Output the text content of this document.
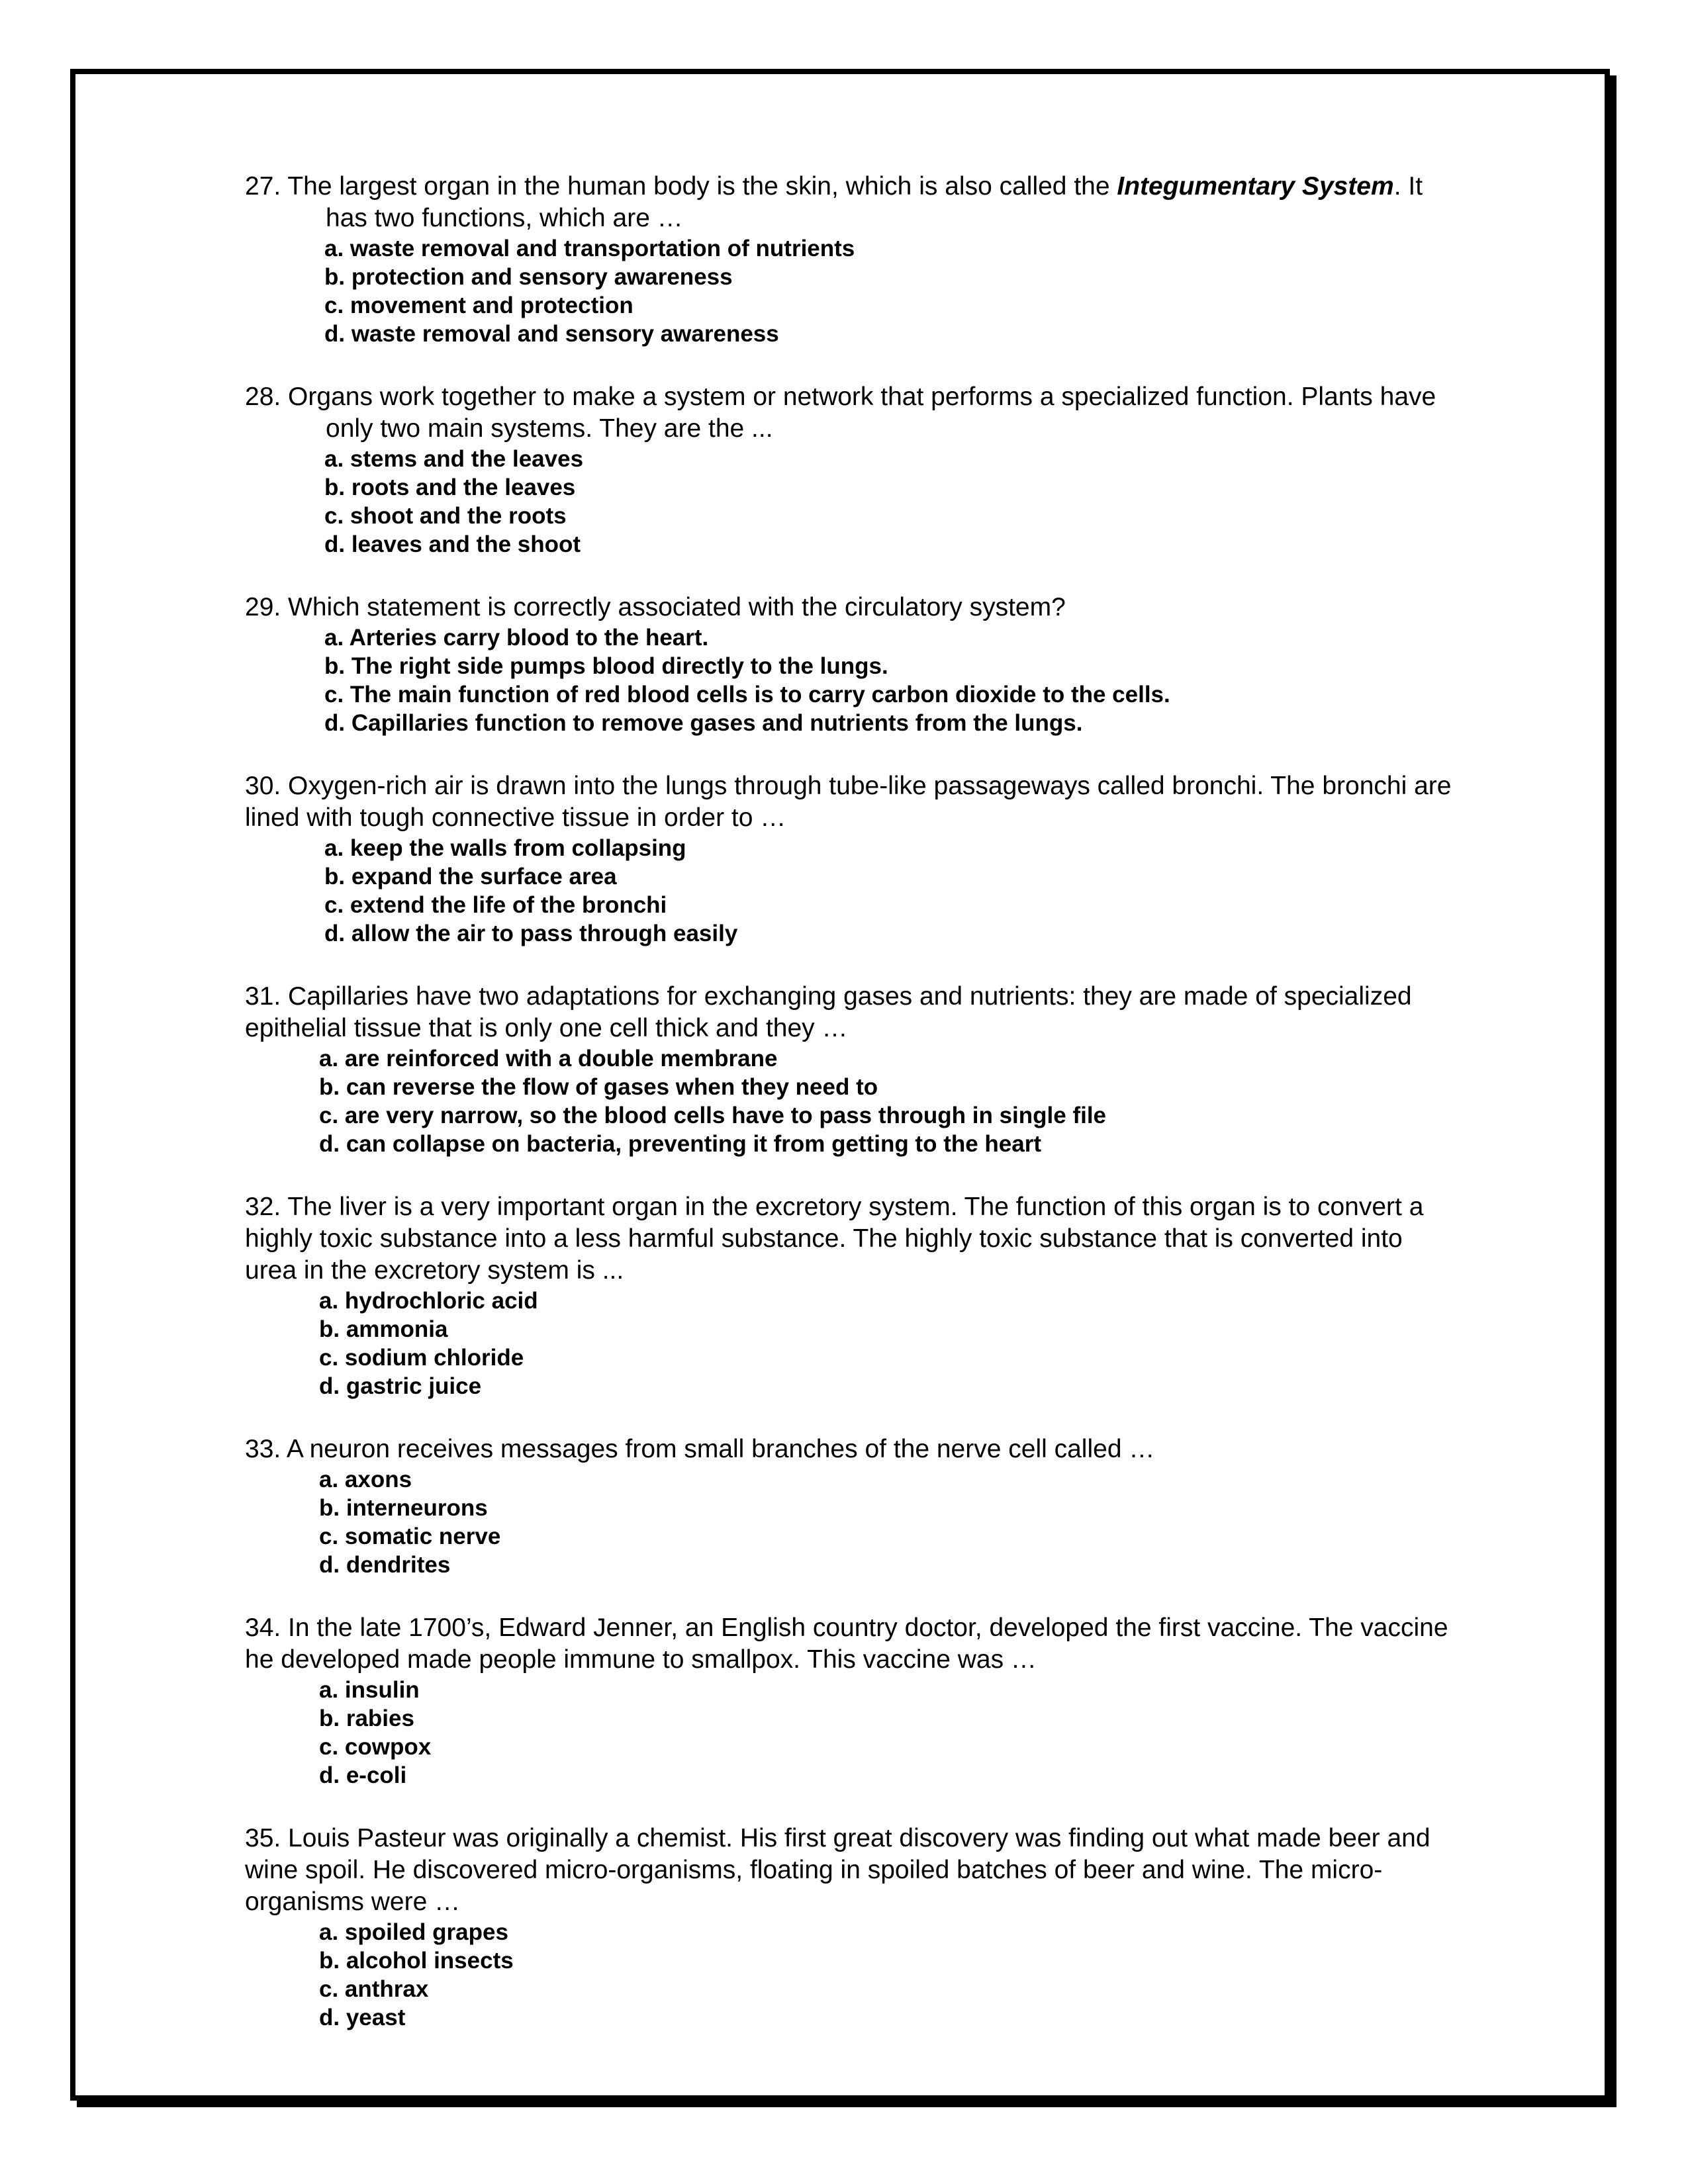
27. The largest organ in the human body is the skin, which is also called the Integumentary System. It has two functions, which are …

a. waste removal and transportation of nutrients
b. protection and sensory awareness
c. movement and protection
d. waste removal and sensory awareness

28. Organs work together to make a system or network that performs a specialized function. Plants have only two main systems. They are the ...

a. stems and the leaves
b. roots and the leaves
c. shoot and the roots
d. leaves and the shoot

29. Which statement is correctly associated with the circulatory system?

a. Arteries carry blood to the heart.
b. The right side pumps blood directly to the lungs.
c. The main function of red blood cells is to carry carbon dioxide to the cells.
d. Capillaries function to remove gases and nutrients from the lungs.

30. Oxygen-rich air is drawn into the lungs through tube-like passageways called bronchi. The bronchi are lined with tough connective tissue in order to …

a. keep the walls from collapsing
b. expand the surface area
c. extend the life of the bronchi
d. allow the air to pass through easily

31. Capillaries have two adaptations for exchanging gases and nutrients: they are made of specialized epithelial tissue that is only one cell thick and they …

a. are reinforced with a double membrane
b. can reverse the flow of gases when they need to
c. are very narrow, so the blood cells have to pass through in single file
d. can collapse on bacteria, preventing it from getting to the heart

32. The liver is a very important organ in the excretory system. The function of this organ is to convert a highly toxic substance into a less harmful substance. The highly toxic substance that is converted into urea in the excretory system is ...

a. hydrochloric acid
b. ammonia
c. sodium chloride
d. gastric juice

33. A neuron receives messages from small branches of the nerve cell called …

a. axons
b. interneurons
c. somatic nerve
d. dendrites

34. In the late 1700’s, Edward Jenner, an English country doctor, developed the first vaccine. The vaccine he developed made people immune to smallpox. This vaccine was …

a. insulin
b. rabies
c. cowpox
d. e-coli

35. Louis Pasteur was originally a chemist. His first great discovery was finding out what made beer and wine spoil. He discovered micro-organisms, floating in spoiled batches of beer and wine. The micro-organisms were …

a. spoiled grapes
b. alcohol insects
c. anthrax
d. yeast
